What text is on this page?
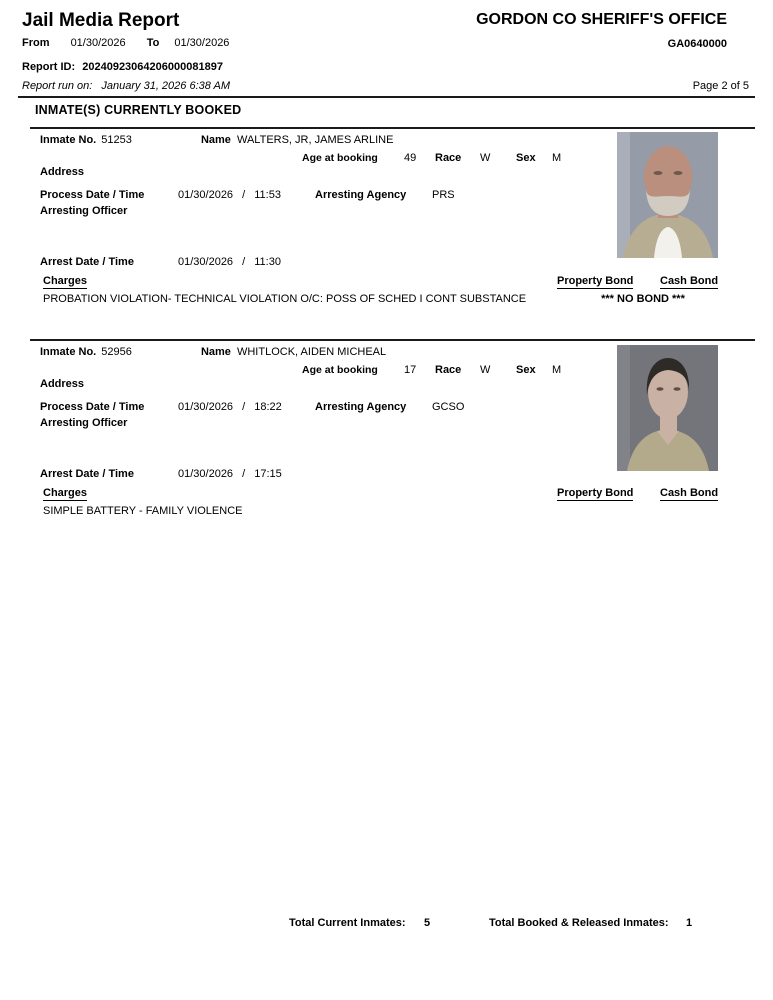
Jail Media Report	GORDON CO SHERIFF'S OFFICE
From 01/30/2026 To 01/30/2026	GA0640000
Report ID: 20240923064206000081897
Report run on: January 31, 2026 6:38 AM	Page 2 of 5
INMATE(S) CURRENTLY BOOKED
Inmate No. 51253	Name WALTERS, JR, JAMES ARLINE
Age at booking 49 Race W Sex M
Address
Process Date / Time	01/30/2026 / 11:53	Arresting Agency PRS
Arresting Officer
Arrest Date / Time	01/30/2026 / 11:30
Charges	Property Bond Cash Bond
PROBATION VIOLATION- TECHNICAL VIOLATION O/C: POSS OF SCHED I CONT SUBSTANCE	*** NO BOND ***
Inmate No. 52956	Name WHITLOCK, AIDEN MICHEAL
Age at booking 17 Race W Sex M
Address
Process Date / Time	01/30/2026 / 18:22	Arresting Agency GCSO
Arresting Officer
Arrest Date / Time	01/30/2026 / 17:15
Charges	Property Bond Cash Bond
SIMPLE BATTERY - FAMILY VIOLENCE
Total Current Inmates: 5	Total Booked & Released Inmates: 1
